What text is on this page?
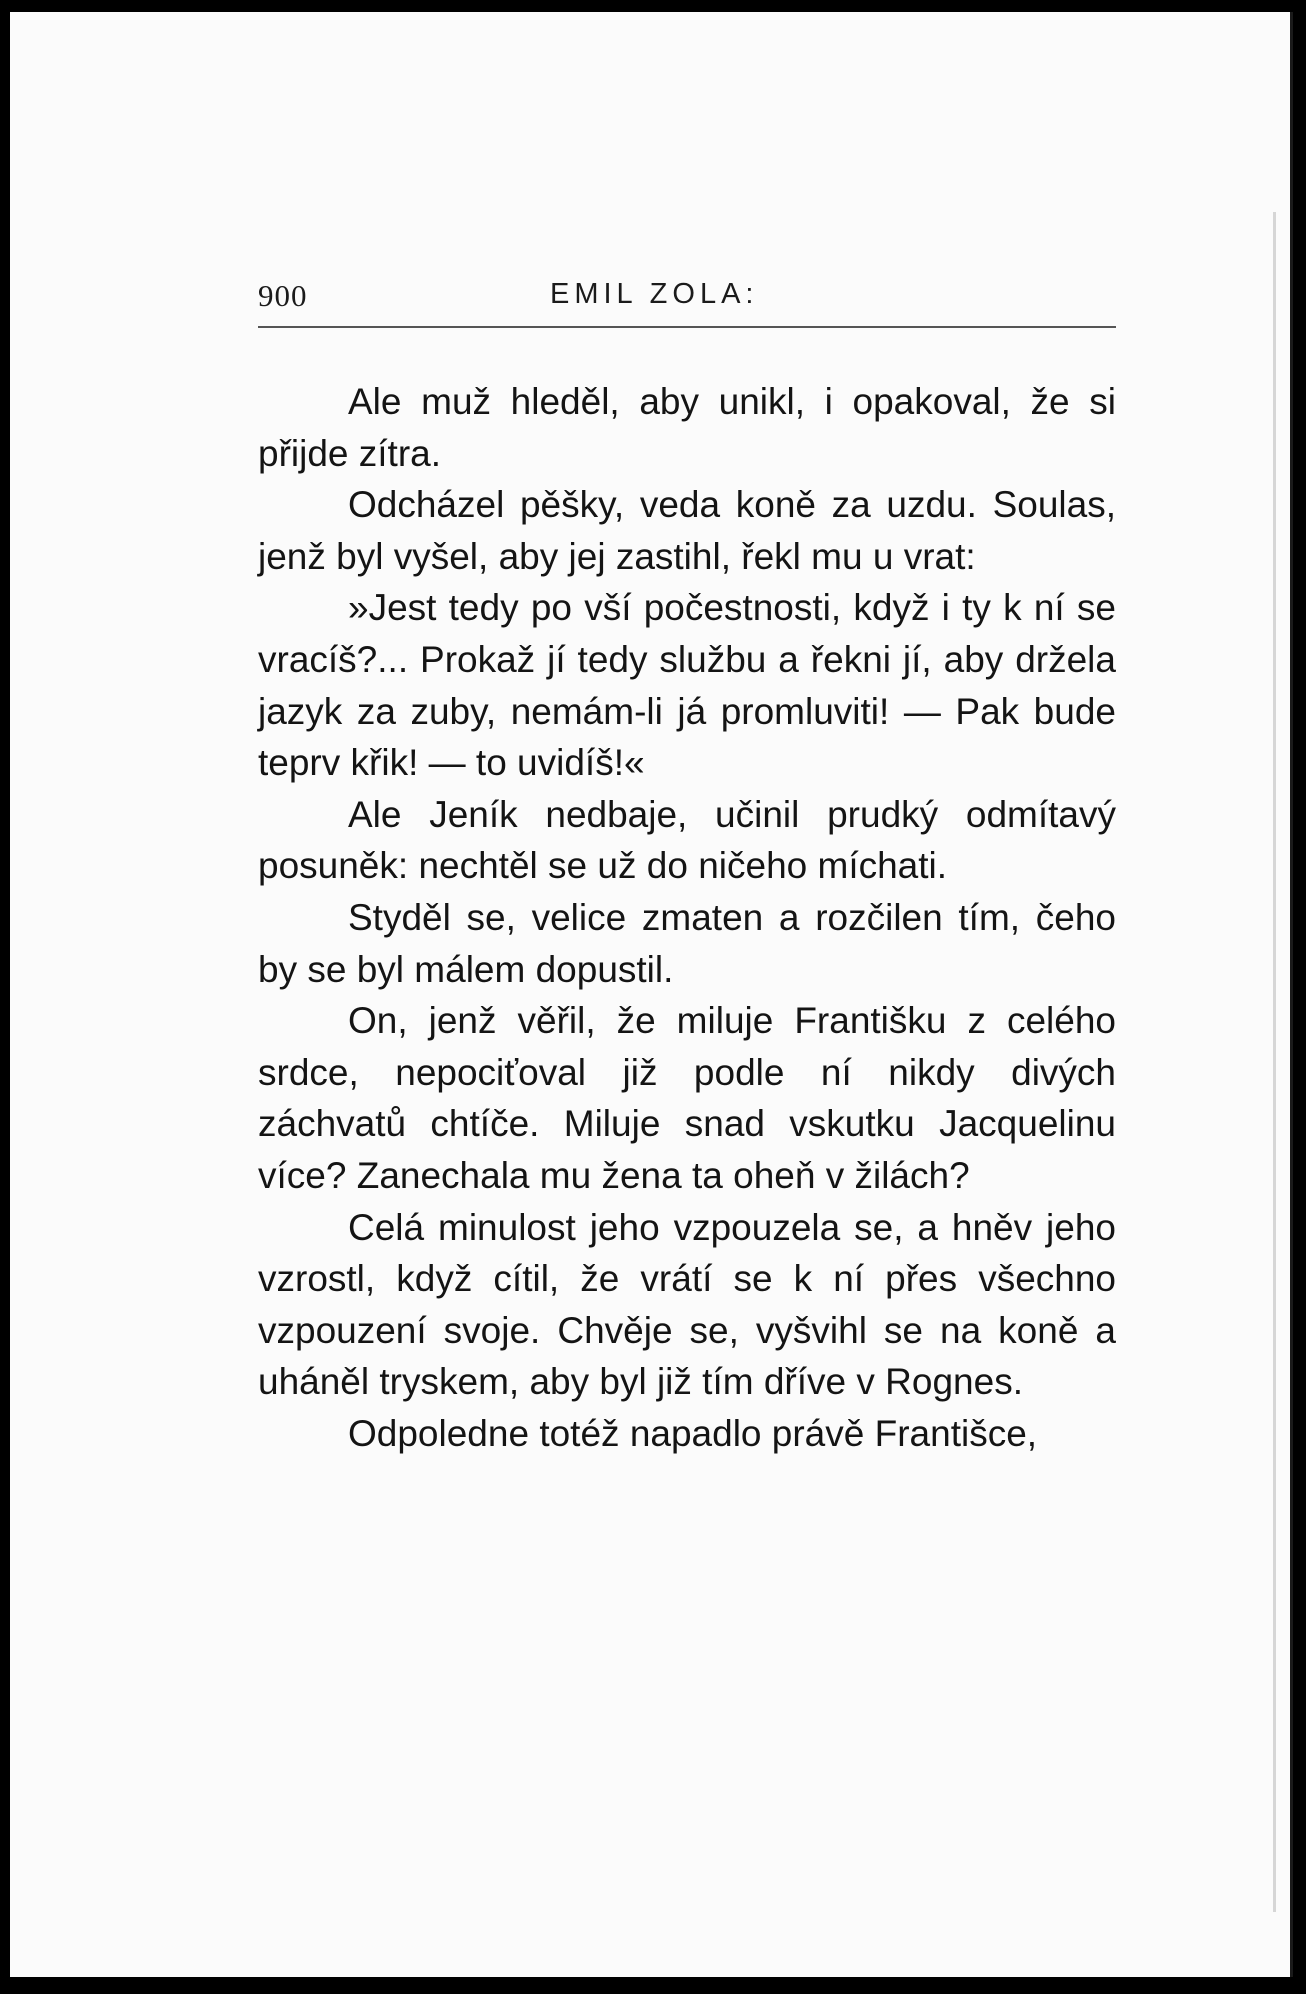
900	EMIL ZOLA:

Ale muž hleděl, aby unikl, i opakoval, že si přijde zítra.

Odcházel pěšky, veda koně za uzdu. Soulas, jenž byl vyšel, aby jej zastihl, řekl mu u vrat:

»Jest tedy po vší počestnosti, když i ty k ní se vracíš?... Prokaž jí tedy službu a řekni jí, aby držela jazyk za zuby, nemám-li já promluviti! — Pak bude teprv křik! — to uvidíš!«

Ale Jeník nedbaje, učinil prudký odmítavý posuněk: nechtěl se už do ničeho míchati.

Styděl se, velice zmaten a rozčilen tím, čeho by se byl málem dopustil.

On, jenž věřil, že miluje Františku z celého srdce, nepociťoval již podle ní nikdy divých záchvatů chtíče. Miluje snad vskutku Jacquelinu více? Zanechala mu žena ta oheň v žilách?

Celá minulost jeho vzpouzela se, a hněv jeho vzrostl, když cítil, že vrátí se k ní přes všechno vzpouzení svoje. Chvěje se, vyšvihl se na koně a uháněl tryskem, aby byl již tím dříve v Rognes.

Odpoledne totéž napadlo právě Františce,
